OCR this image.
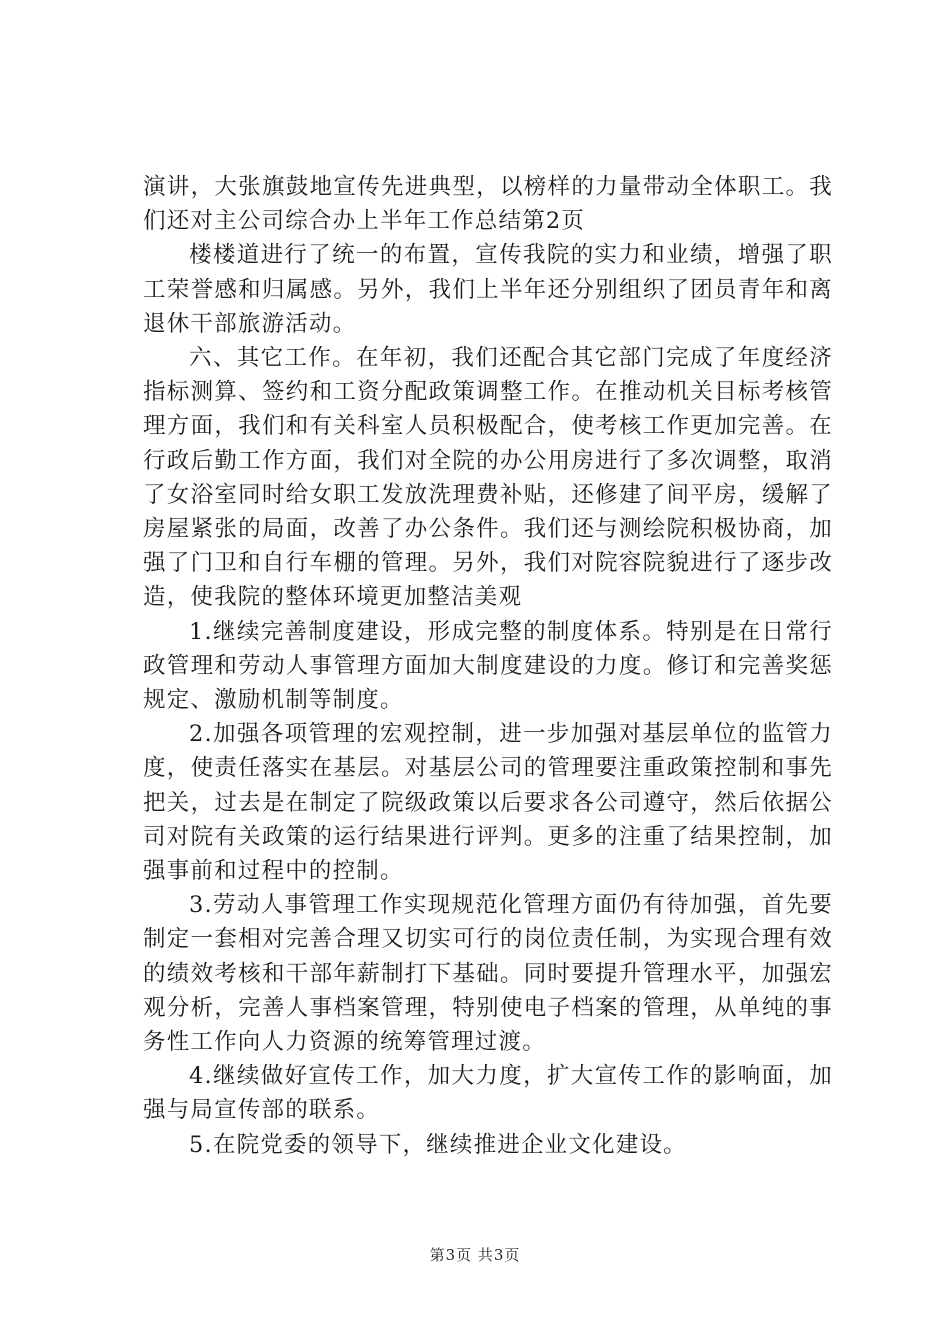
演讲，大张旗鼓地宣传先进典型，以榜样的力量带动全体职工。我们还对主公司综合办上半年工作总结第2页

楼楼道进行了统一的布置，宣传我院的实力和业绩，增强了职工荣誉感和归属感。另外，我们上半年还分别组织了团员青年和离退休干部旅游活动。

六、其它工作。在年初，我们还配合其它部门完成了年度经济指标测算、签约和工资分配政策调整工作。在推动机关目标考核管理方面，我们和有关科室人员积极配合，使考核工作更加完善。在行政后勤工作方面，我们对全院的办公用房进行了多次调整，取消了女浴室同时给女职工发放洗理费补贴，还修建了间平房，缓解了房屋紧张的局面，改善了办公条件。我们还与测绘院积极协商，加强了门卫和自行车棚的管理。另外，我们对院容院貌进行了逐步改造，使我院的整体环境更加整洁美观

1.继续完善制度建设，形成完整的制度体系。特别是在日常行政管理和劳动人事管理方面加大制度建设的力度。修订和完善奖惩规定、激励机制等制度。

2.加强各项管理的宏观控制，进一步加强对基层单位的监管力度，使责任落实在基层。对基层公司的管理要注重政策控制和事先把关，过去是在制定了院级政策以后要求各公司遵守，然后依据公司对院有关政策的运行结果进行评判。更多的注重了结果控制，加强事前和过程中的控制。

3.劳动人事管理工作实现规范化管理方面仍有待加强，首先要制定一套相对完善合理又切实可行的岗位责任制，为实现合理有效的绩效考核和干部年薪制打下基础。同时要提升管理水平，加强宏观分析，完善人事档案管理，特别使电子档案的管理，从单纯的事务性工作向人力资源的统筹管理过渡。

4.继续做好宣传工作，加大力度，扩大宣传工作的影响面，加强与局宣传部的联系。

5.在院党委的领导下，继续推进企业文化建设。

第3页 共3页
